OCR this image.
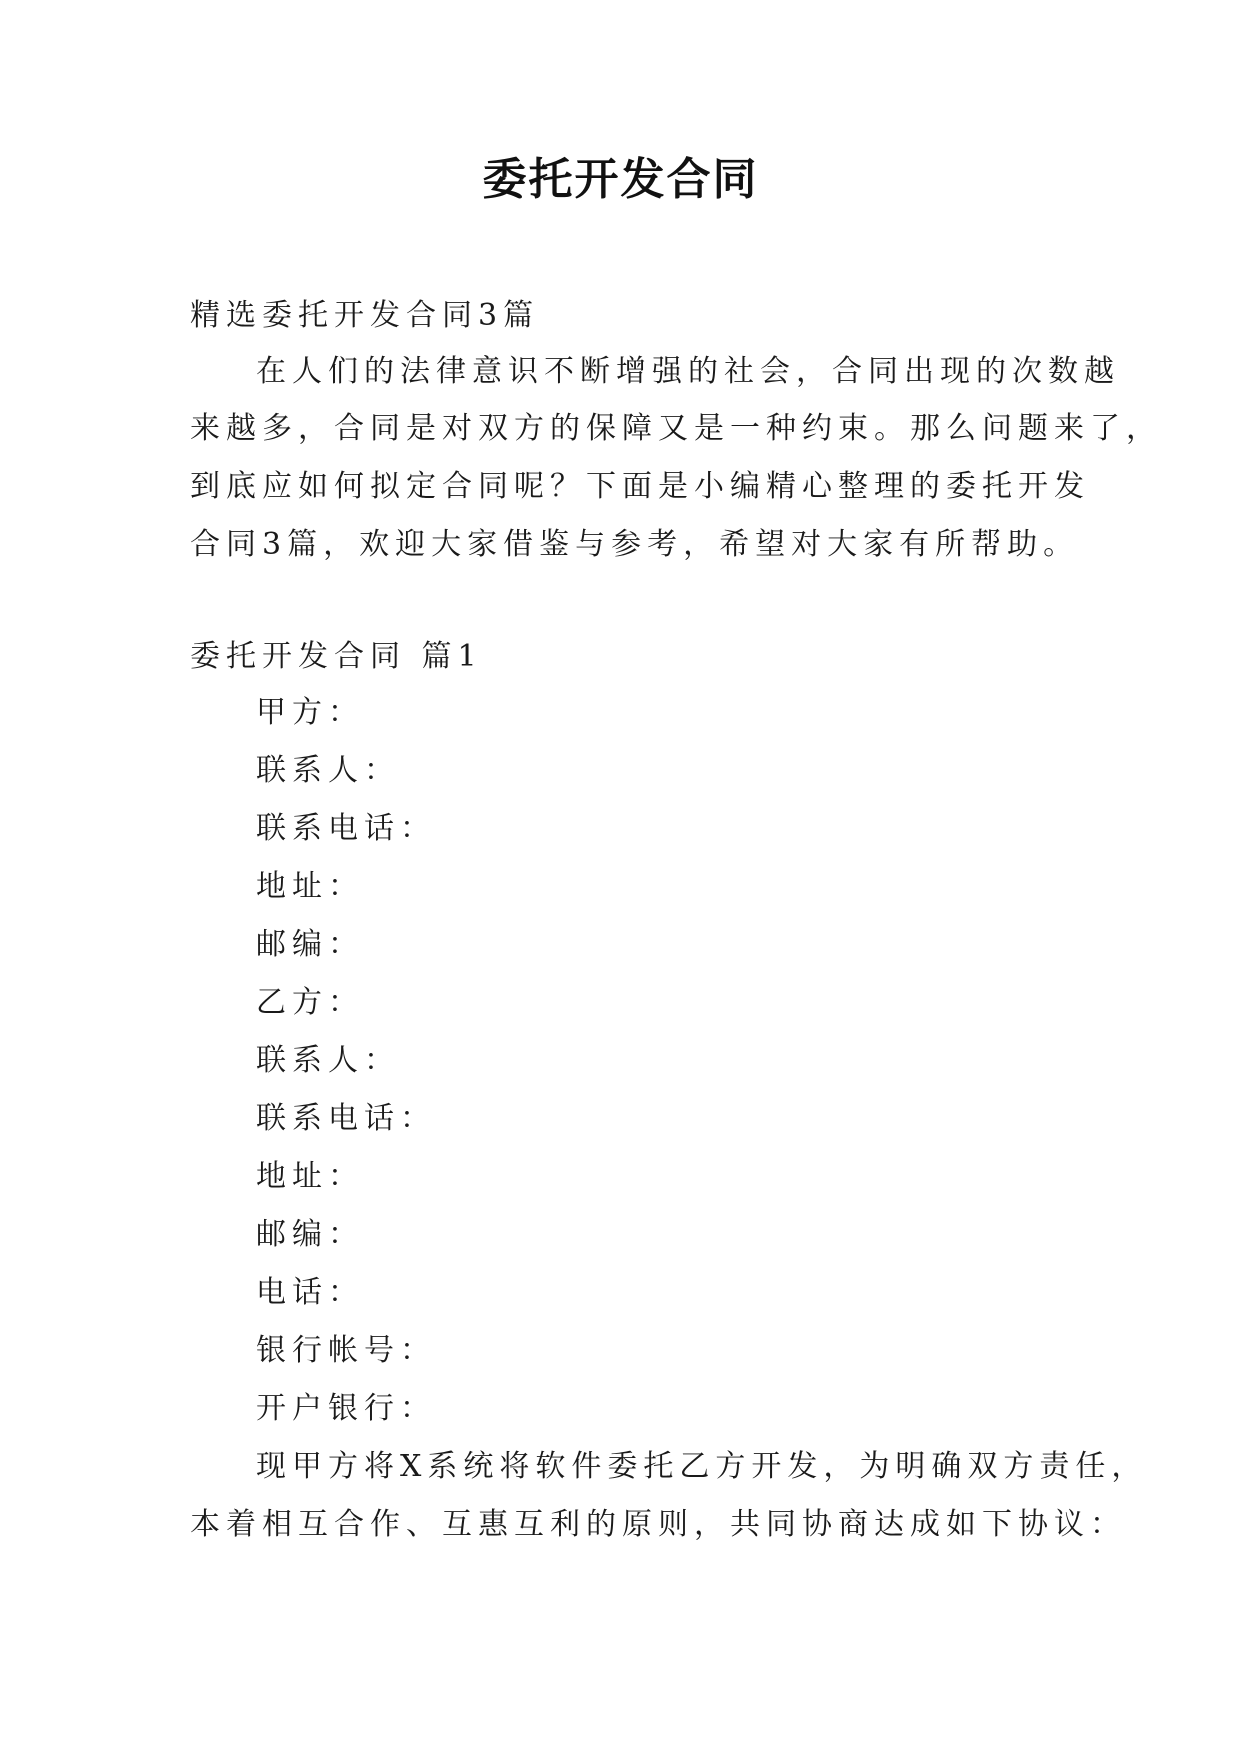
委托开发合同
精选委托开发合同3篇
在人们的法律意识不断增强的社会，合同出现的次数越
来越多，合同是对双方的保障又是一种约束。那么问题来了，
到底应如何拟定合同呢？下面是小编精心整理的委托开发
合同3篇，欢迎大家借鉴与参考，希望对大家有所帮助。
委托开发合同 篇1
甲方：
联系人：
联系电话：
地址：
邮编：
乙方：
联系人：
联系电话：
地址：
邮编：
电话：
银行帐号：
开户银行：
现甲方将X系统将软件委托乙方开发，为明确双方责任，
本着相互合作、互惠互利的原则，共同协商达成如下协议：
